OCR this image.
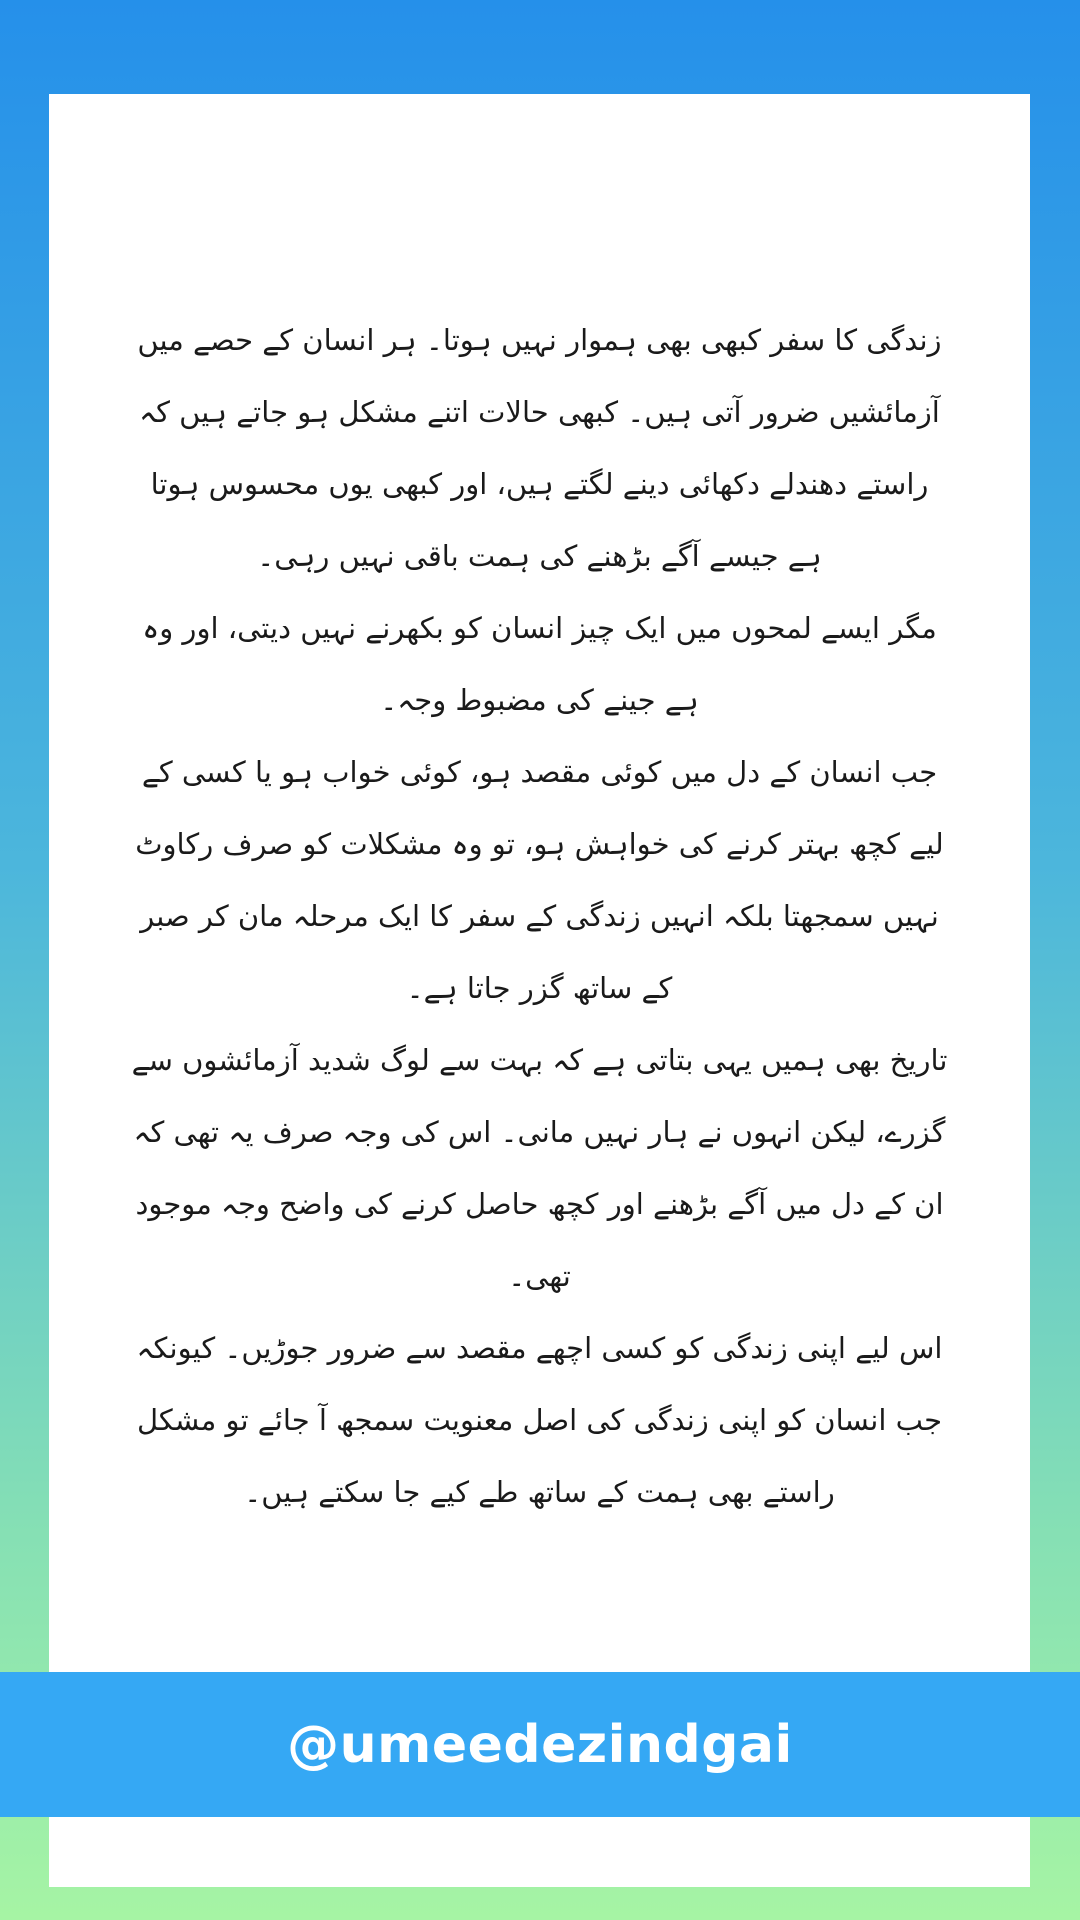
زندگی کا سفر کبھی بھی ہموار نہیں ہوتا۔ ہر انسان کے حصے میں آزمائشیں ضرور آتی ہیں۔ کبھی حالات اتنے مشکل ہو جاتے ہیں کہ راستے دھندلے دکھائی دینے لگتے ہیں، اور کبھی یوں محسوس ہوتا ہے جیسے آگے بڑھنے کی ہمت باقی نہیں رہی۔

مگر ایسے لمحوں میں ایک چیز انسان کو بکھرنے نہیں دیتی، اور وہ ہے جینے کی مضبوط وجہ۔

جب انسان کے دل میں کوئی مقصد ہو، کوئی خواب ہو یا کسی کے لیے کچھ بہتر کرنے کی خواہش ہو، تو وہ مشکلات کو صرف رکاوٹ نہیں سمجھتا بلکہ انہیں زندگی کے سفر کا ایک مرحلہ مان کر صبر کے ساتھ گزر جاتا ہے۔

تاریخ بھی ہمیں یہی بتاتی ہے کہ بہت سے لوگ شدید آزمائشوں سے گزرے، لیکن انہوں نے ہار نہیں مانی۔ اس کی وجہ صرف یہ تھی کہ ان کے دل میں آگے بڑھنے اور کچھ حاصل کرنے کی واضح وجہ موجود تھی۔

اس لیے اپنی زندگی کو کسی اچھے مقصد سے ضرور جوڑیں۔ کیونکہ جب انسان کو اپنی زندگی کی اصل معنویت سمجھ آ جائے تو مشکل راستے بھی ہمت کے ساتھ طے کیے جا سکتے ہیں۔

@umeedezindgai
